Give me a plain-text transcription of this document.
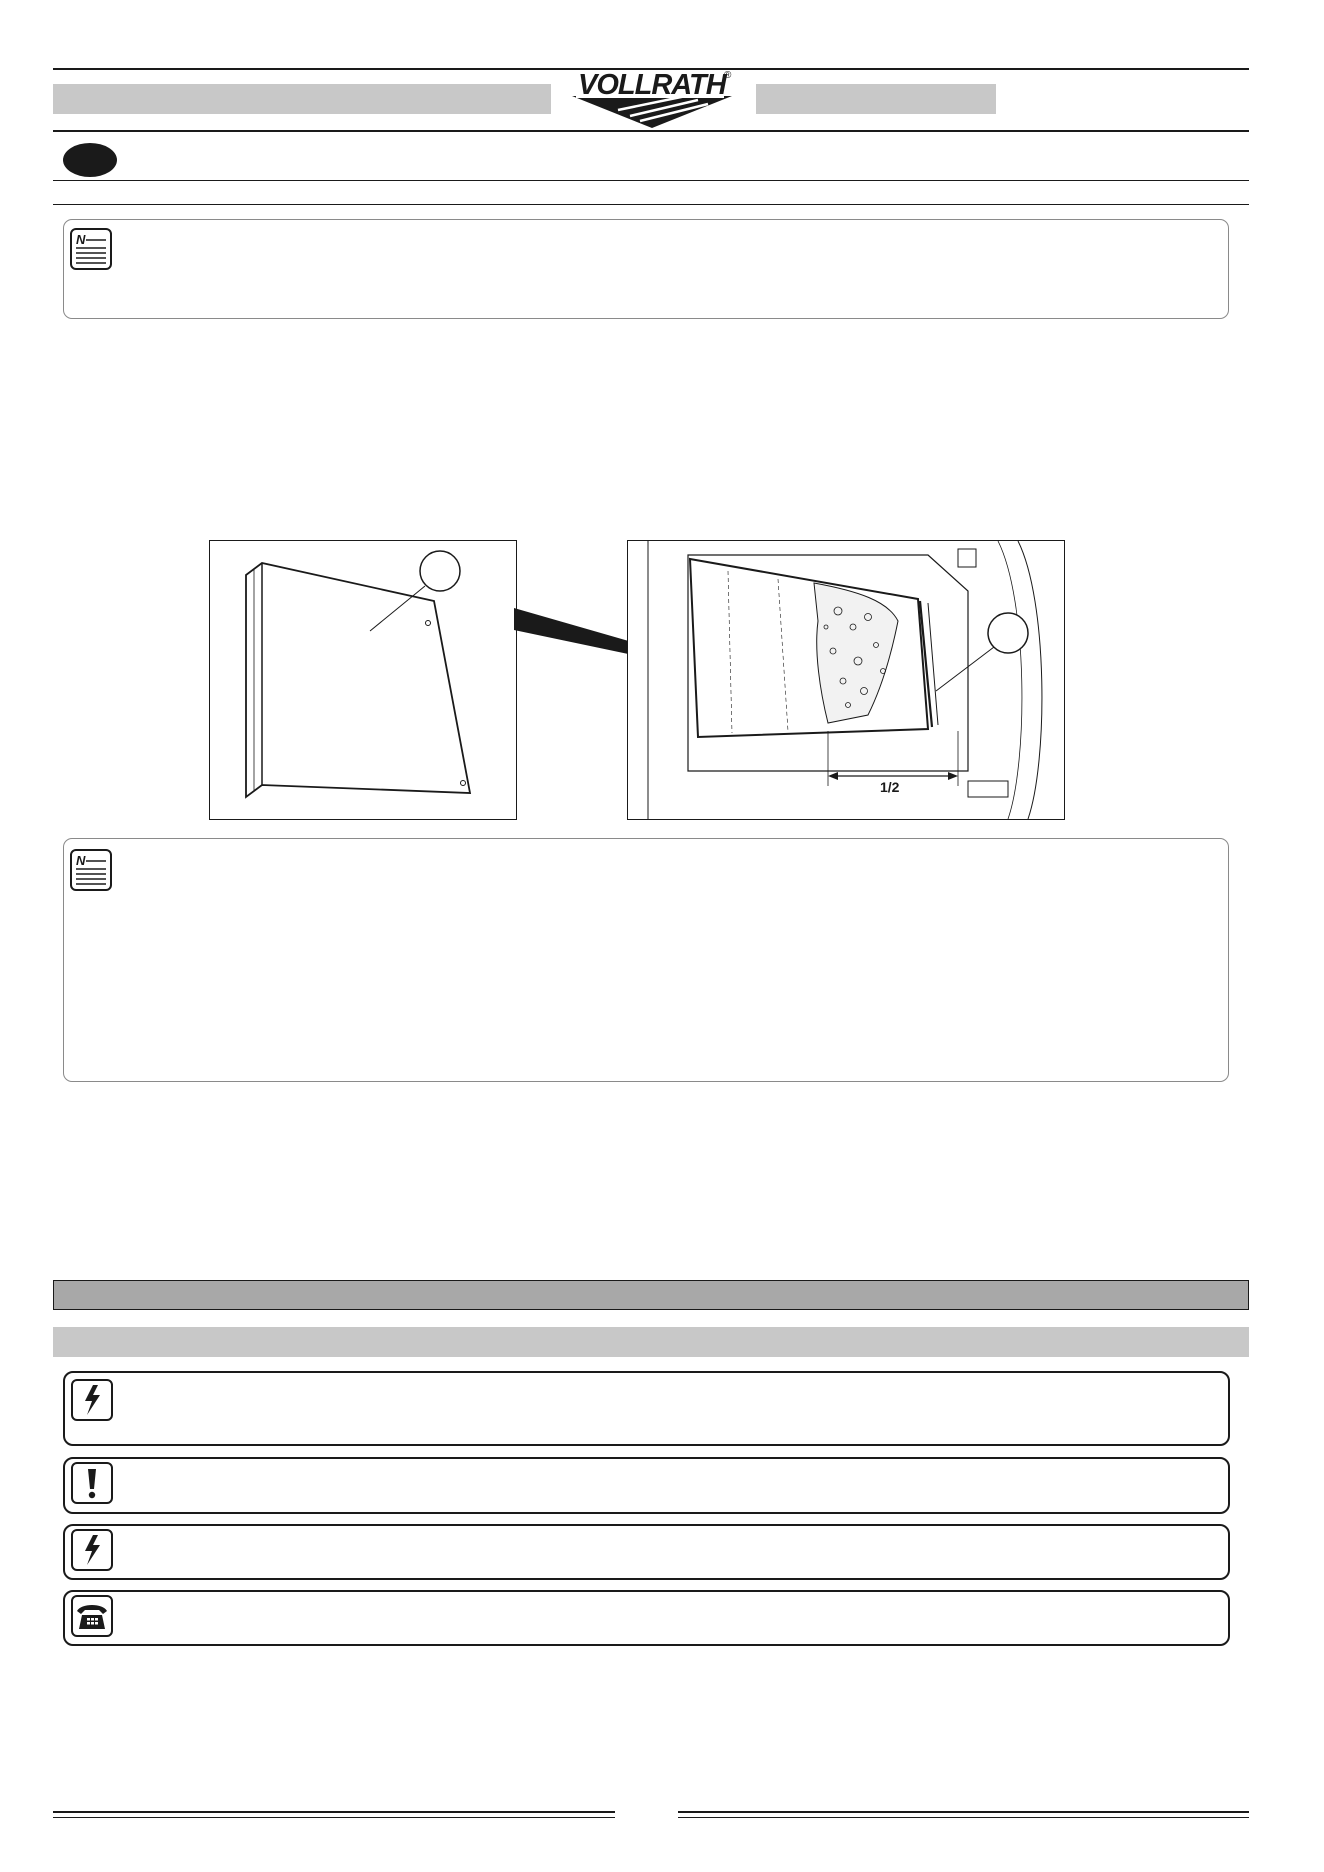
VOLLRATH
®
N
1/2
N
